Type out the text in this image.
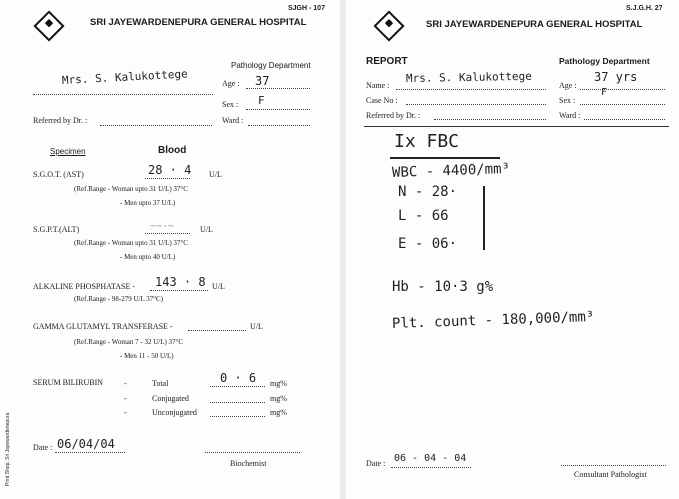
SJGH - 107
SRI JAYEWARDENEPURA GENERAL HOSPITAL
Pathology Department
Mrs. S. Kalukottege	Age : 37
Sex : F
Referred by Dr. :	Ward :
Specimen	Blood
S.G.O.T. (AST)	28 · 4 U/L
(Ref.Range - Woman upto 31 U/L) 37°C
- Men upto 37 U/L)
S.G.P.T.(ALT)	~~·~	U/L
(Ref.Range - Woman upto 31 U/L) 37°C
- Men upto 40 U/L)
ALKALINE PHOSPHATASE - 143 · 8 U/L
(Ref.Range - 98-279 U/L 37°C)
GAMMA GLUTAMYL TRANSFERASE -	U/L
(Ref.Range - Woman 7 - 32 U/L) 37°C
- Men 11 - 50 U/L)
SERUM BILIRUBIN	-	Total	0 · 6 mg%
-	Conjugated	mg%
-	Unconjugated	mg%
Date : 06/04/04
Biochemist
Print Shop, Sri Jayewardenepura
S.J.G.H. 27
SRI JAYEWARDENEPURA GENERAL HOSPITAL
REPORT	Pathology Department
Name :
Mrs. S. Kalukottege
Age :
37 yrs
Case No :	Sex :
F
Referred by Dr. :	Ward :
Ix FBC
WBC - 4400/mm³
N - 28·
L - 66
E - 06·
Hb - 10·3 g%
Plt. count - 180,000/mm³
Date : 06 - 04 - 04
Consultant Pathologist
